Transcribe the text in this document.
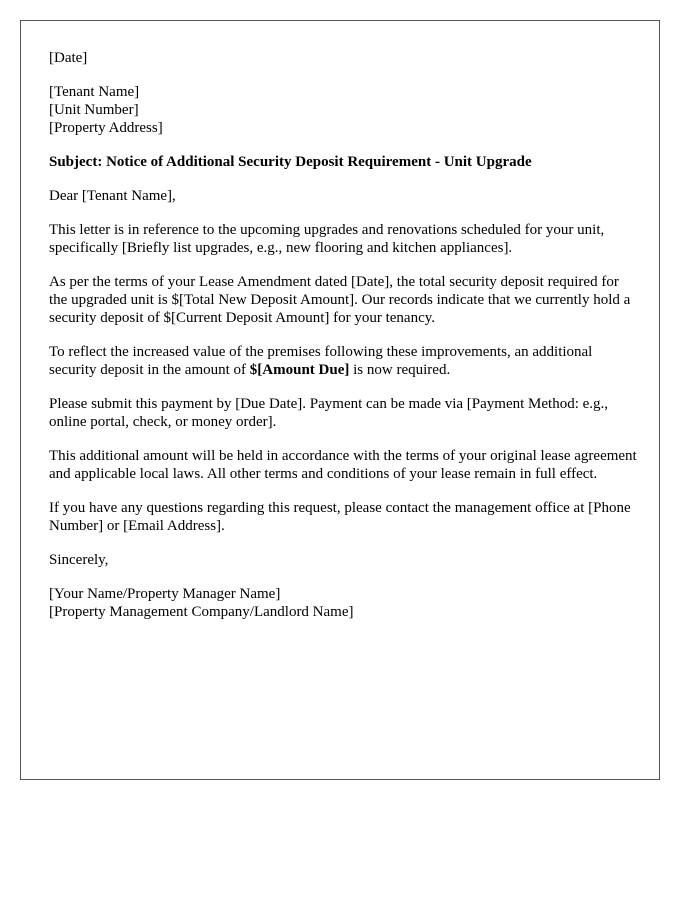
[Date]

[Tenant Name]
[Unit Number]
[Property Address]

Subject: Notice of Additional Security Deposit Requirement - Unit Upgrade

Dear [Tenant Name],

This letter is in reference to the upcoming upgrades and renovations scheduled for your unit, specifically [Briefly list upgrades, e.g., new flooring and kitchen appliances].

As per the terms of your Lease Amendment dated [Date], the total security deposit required for the upgraded unit is $[Total New Deposit Amount]. Our records indicate that we currently hold a security deposit of $[Current Deposit Amount] for your tenancy.

To reflect the increased value of the premises following these improvements, an additional security deposit in the amount of $[Amount Due] is now required.

Please submit this payment by [Due Date]. Payment can be made via [Payment Method: e.g., online portal, check, or money order].

This additional amount will be held in accordance with the terms of your original lease agreement and applicable local laws. All other terms and conditions of your lease remain in full effect.

If you have any questions regarding this request, please contact the management office at [Phone Number] or [Email Address].

Sincerely,

[Your Name/Property Manager Name]
[Property Management Company/Landlord Name]
